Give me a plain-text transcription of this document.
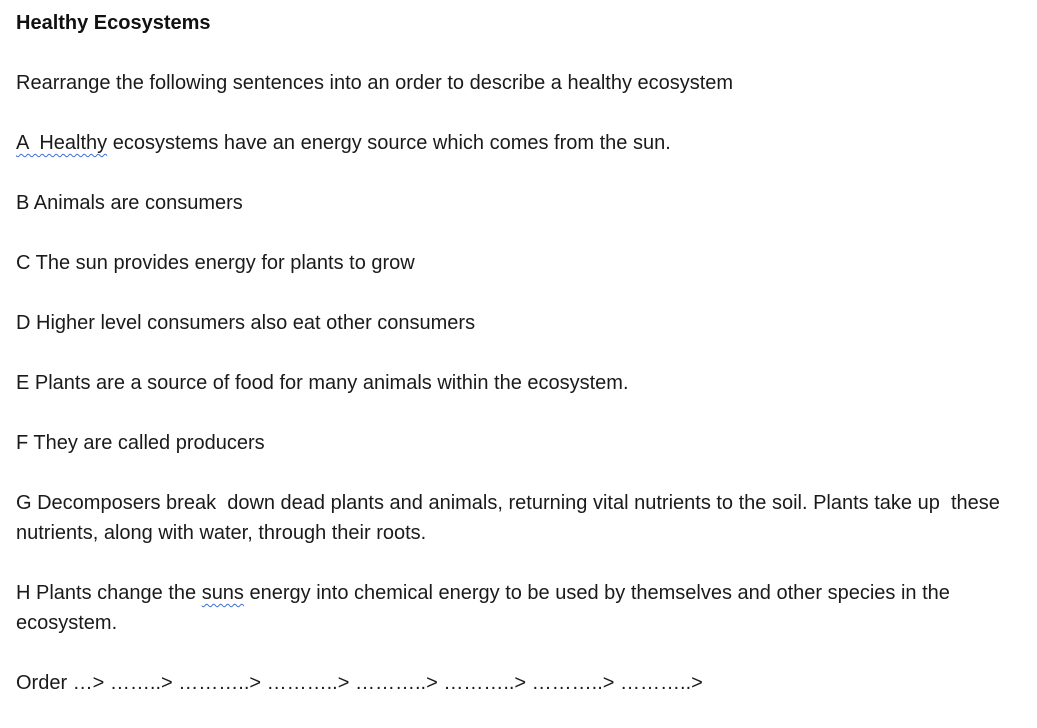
Healthy Ecosystems
Rearrange the following sentences into an order to describe a healthy ecosystem
A  Healthy ecosystems have an energy source which comes from the sun.
B Animals are consumers
C The sun provides energy for plants to grow
D Higher level consumers also eat other consumers
E Plants are a source of food for many animals within the ecosystem.
F They are called producers
G Decomposers break  down dead plants and animals, returning vital nutrients to the soil. Plants take up  these nutrients, along with water, through their roots.
H Plants change the suns energy into chemical energy to be used by themselves and other species in the ecosystem.
Order …> ……..> ………..> ………..> ………..> ………..> ………..> ………..>
